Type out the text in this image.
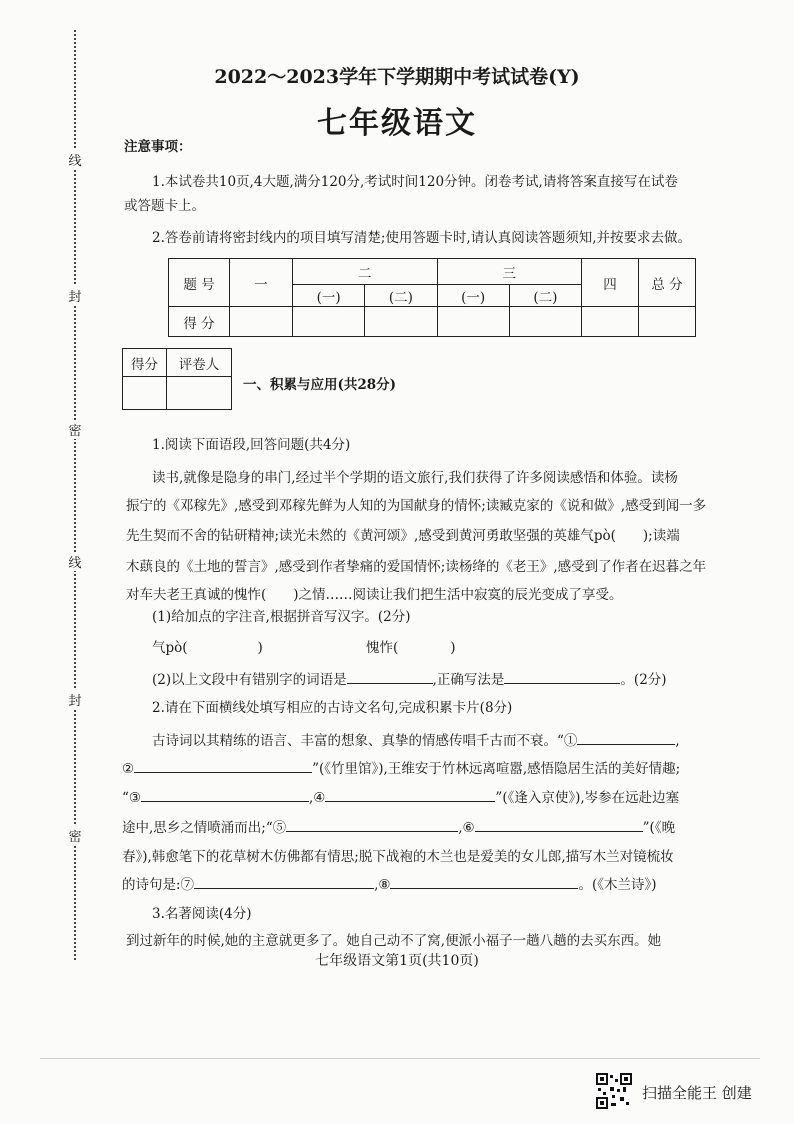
线
封
密
线
封
密
2022～2023学年下学期期中考试试卷(Y)
七年级语文
注意事项：
1.本试卷共10页,4大题,满分120分,考试时间120分钟。闭卷考试,请将答案直接写在试卷
或答题卡上。
2.答卷前请将密封线内的项目填写清楚;使用答题卡时,请认真阅读答题须知,并按要求去做。
题 号	一	二		三		四	总 分
		(一)	(二)	(一)	(二)		
得 分							
得分	评卷人

一、积累与应用(共28分)
1.阅读下面语段,回答问题(共4分)
读书,就像是隐身的串门,经过半个学期的语文旅行,我们获得了许多阅读感悟和体验。读杨
振宁的《邓稼先》,感受到邓稼先鲜为人知的为国献身的情怀;读臧克家的《说和做》,感受到闻一多
先生契而不舍的钻研精神;读光未然的《黄河颂》,感受到黄河勇敢坚强的英雄气pò(　　);读端
木蕻良的《土地的誓言》,感受到作者挚痛的爱国情怀;读杨绛的《老王》,感受到了作者在迟暮之年
对车夫老王真诚的愧怍(　　)之情……阅读让我们把生活中寂寞的辰光变成了享受。
(1)给加点的字注音,根据拼音写汉字。(2分)
气pò(	)	愧怍(	)
(2)以上文段中有错别字的词语是	,正确写法是	。(2分)
2.请在下面横线处填写相应的古诗文名句,完成积累卡片(8分)
古诗词以其精练的语言、丰富的想象、真挚的情感传唱千古而不衰。“①	,
②	”(《竹里馆》),王维安于竹林远离喧嚣,感悟隐居生活的美好情趣;
“③	,④	”(《逢入京使》),岑参在远赴边塞
途中,思乡之情喷涌而出;“⑤	,⑥	”(《晚
春》),韩愈笔下的花草树木仿佛都有情思;脱下战袍的木兰也是爱美的女儿郎,描写木兰对镜梳妆
的诗句是:⑦	,⑧	。(《木兰诗》)
3.名著阅读(4分)
到过新年的时候,她的主意就更多了。她自己动不了窝,便派小福子一趟八趟的去买东西。她
七年级语文第1页(共10页)
扫描全能王 创建
